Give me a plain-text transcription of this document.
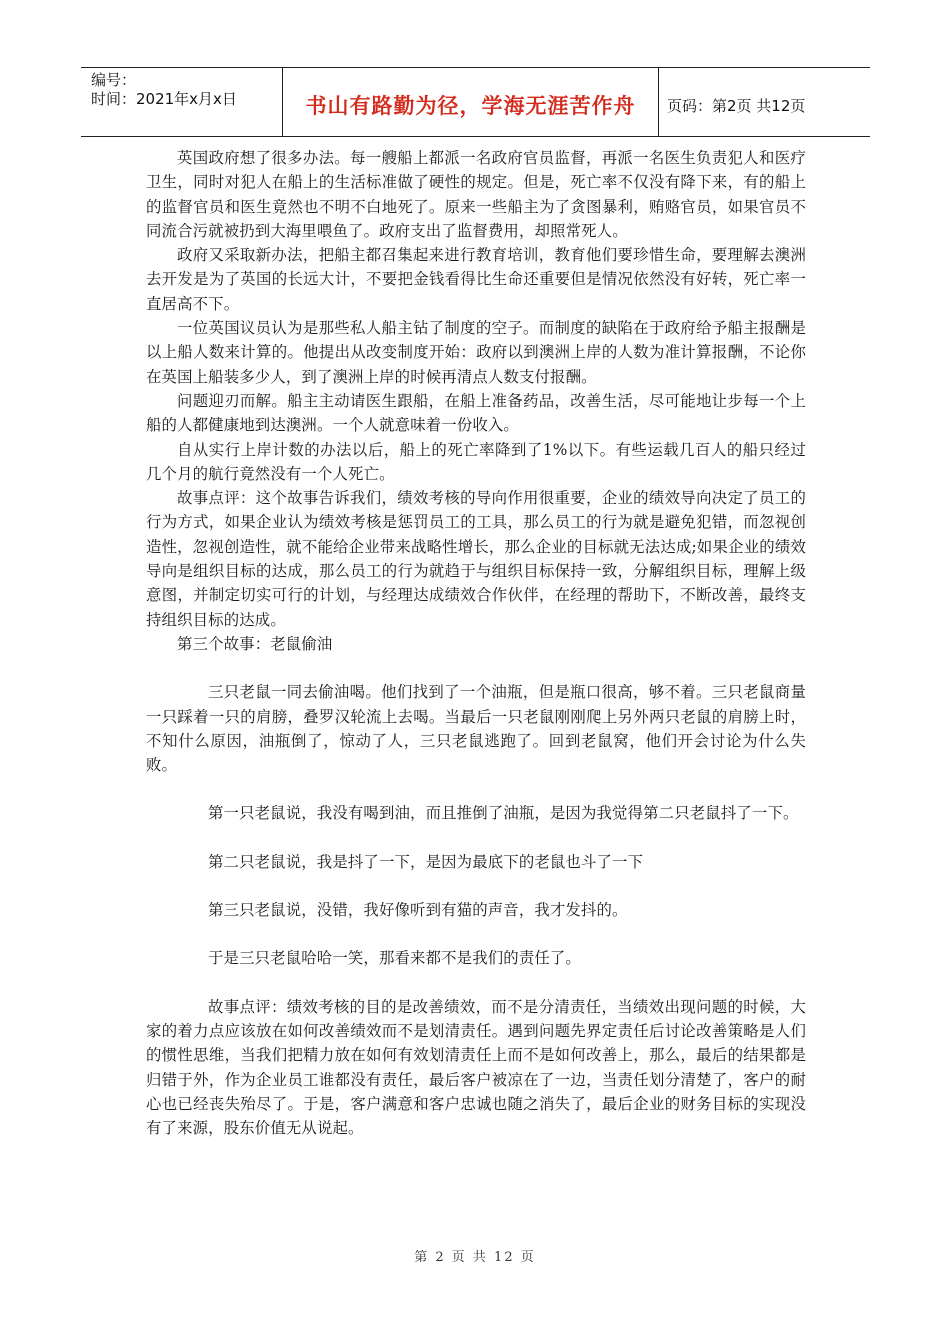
编号：
时间：2021年x月x日	书山有路勤为径，学海无涯苦作舟	页码：第2页 共12页

英国政府想了很多办法。每一艘船上都派一名政府官员监督，再派一名医生负责犯人和医疗卫生，同时对犯人在船上的生活标准做了硬性的规定。但是，死亡率不仅没有降下来，有的船上的监督官员和医生竟然也不明不白地死了。原来一些船主为了贪图暴利，贿赂官员，如果官员不同流合污就被扔到大海里喂鱼了。政府支出了监督费用，却照常死人。

政府又采取新办法，把船主都召集起来进行教育培训，教育他们要珍惜生命，要理解去澳洲去开发是为了英国的长远大计，不要把金钱看得比生命还重要但是情况依然没有好转，死亡率一直居高不下。

一位英国议员认为是那些私人船主钻了制度的空子。而制度的缺陷在于政府给予船主报酬是以上船人数来计算的。他提出从改变制度开始：政府以到澳洲上岸的人数为准计算报酬，不论你在英国上船装多少人，到了澳洲上岸的时候再清点人数支付报酬。

问题迎刃而解。船主主动请医生跟船，在船上准备药品，改善生活，尽可能地让步每一个上船的人都健康地到达澳洲。一个人就意味着一份收入。

自从实行上岸计数的办法以后，船上的死亡率降到了1%以下。有些运载几百人的船只经过几个月的航行竟然没有一个人死亡。

故事点评：这个故事告诉我们，绩效考核的导向作用很重要，企业的绩效导向决定了员工的行为方式，如果企业认为绩效考核是惩罚员工的工具，那么员工的行为就是避免犯错，而忽视创造性，忽视创造性，就不能给企业带来战略性增长，那么企业的目标就无法达成;如果企业的绩效导向是组织目标的达成，那么员工的行为就趋于与组织目标保持一致，分解组织目标，理解上级意图，并制定切实可行的计划，与经理达成绩效合作伙伴，在经理的帮助下，不断改善，最终支持组织目标的达成。

第三个故事：老鼠偷油

三只老鼠一同去偷油喝。他们找到了一个油瓶，但是瓶口很高，够不着。三只老鼠商量一只踩着一只的肩膀，叠罗汉轮流上去喝。当最后一只老鼠刚刚爬上另外两只老鼠的肩膀上时，不知什么原因，油瓶倒了，惊动了人，三只老鼠逃跑了。回到老鼠窝，他们开会讨论为什么失败。

第一只老鼠说，我没有喝到油，而且推倒了油瓶，是因为我觉得第二只老鼠抖了一下。

第二只老鼠说，我是抖了一下，是因为最底下的老鼠也斗了一下

第三只老鼠说，没错，我好像听到有猫的声音，我才发抖的。

于是三只老鼠哈哈一笑，那看来都不是我们的责任了。

故事点评：绩效考核的目的是改善绩效，而不是分清责任，当绩效出现问题的时候，大家的着力点应该放在如何改善绩效而不是划清责任。遇到问题先界定责任后讨论改善策略是人们的惯性思维，当我们把精力放在如何有效划清责任上而不是如何改善上，那么，最后的结果都是归错于外，作为企业员工谁都没有责任，最后客户被凉在了一边，当责任划分清楚了，客户的耐心也已经丧失殆尽了。于是，客户满意和客户忠诚也随之消失了，最后企业的财务目标的实现没有了来源，股东价值无从说起。

第 2 页 共 12 页
